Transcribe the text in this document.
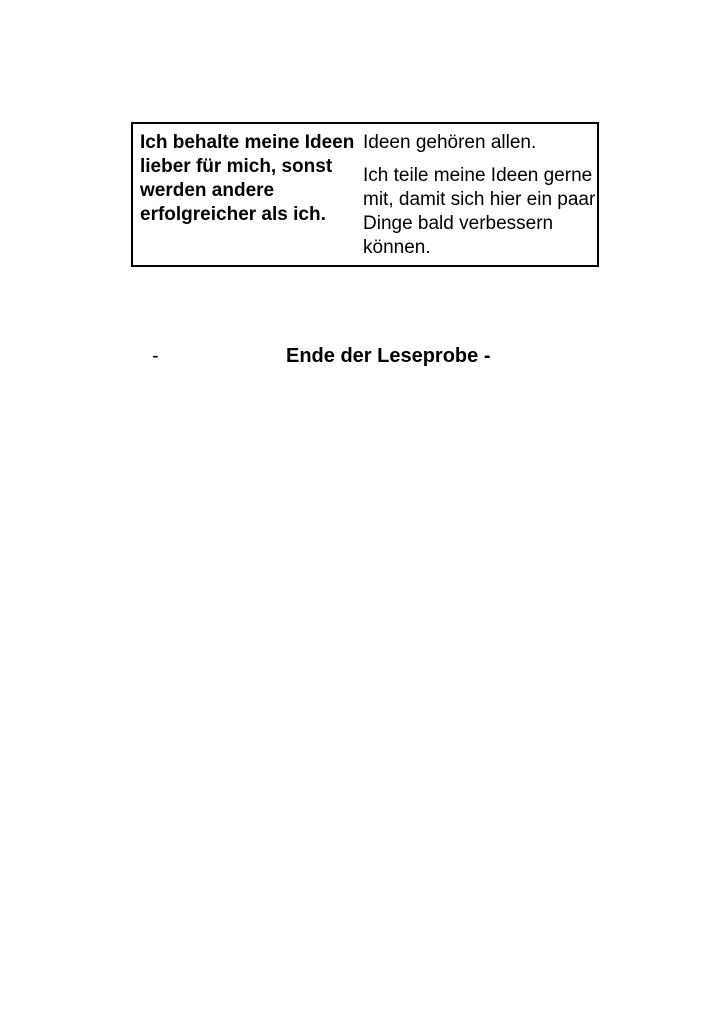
Ich behalte meine Ideen lieber für mich, sonst werden andere erfolgreicher als ich.

Ideen gehören allen.

Ich teile meine Ideen gerne mit, damit sich hier ein paar Dinge bald verbessern können.

-	Ende der Leseprobe -
